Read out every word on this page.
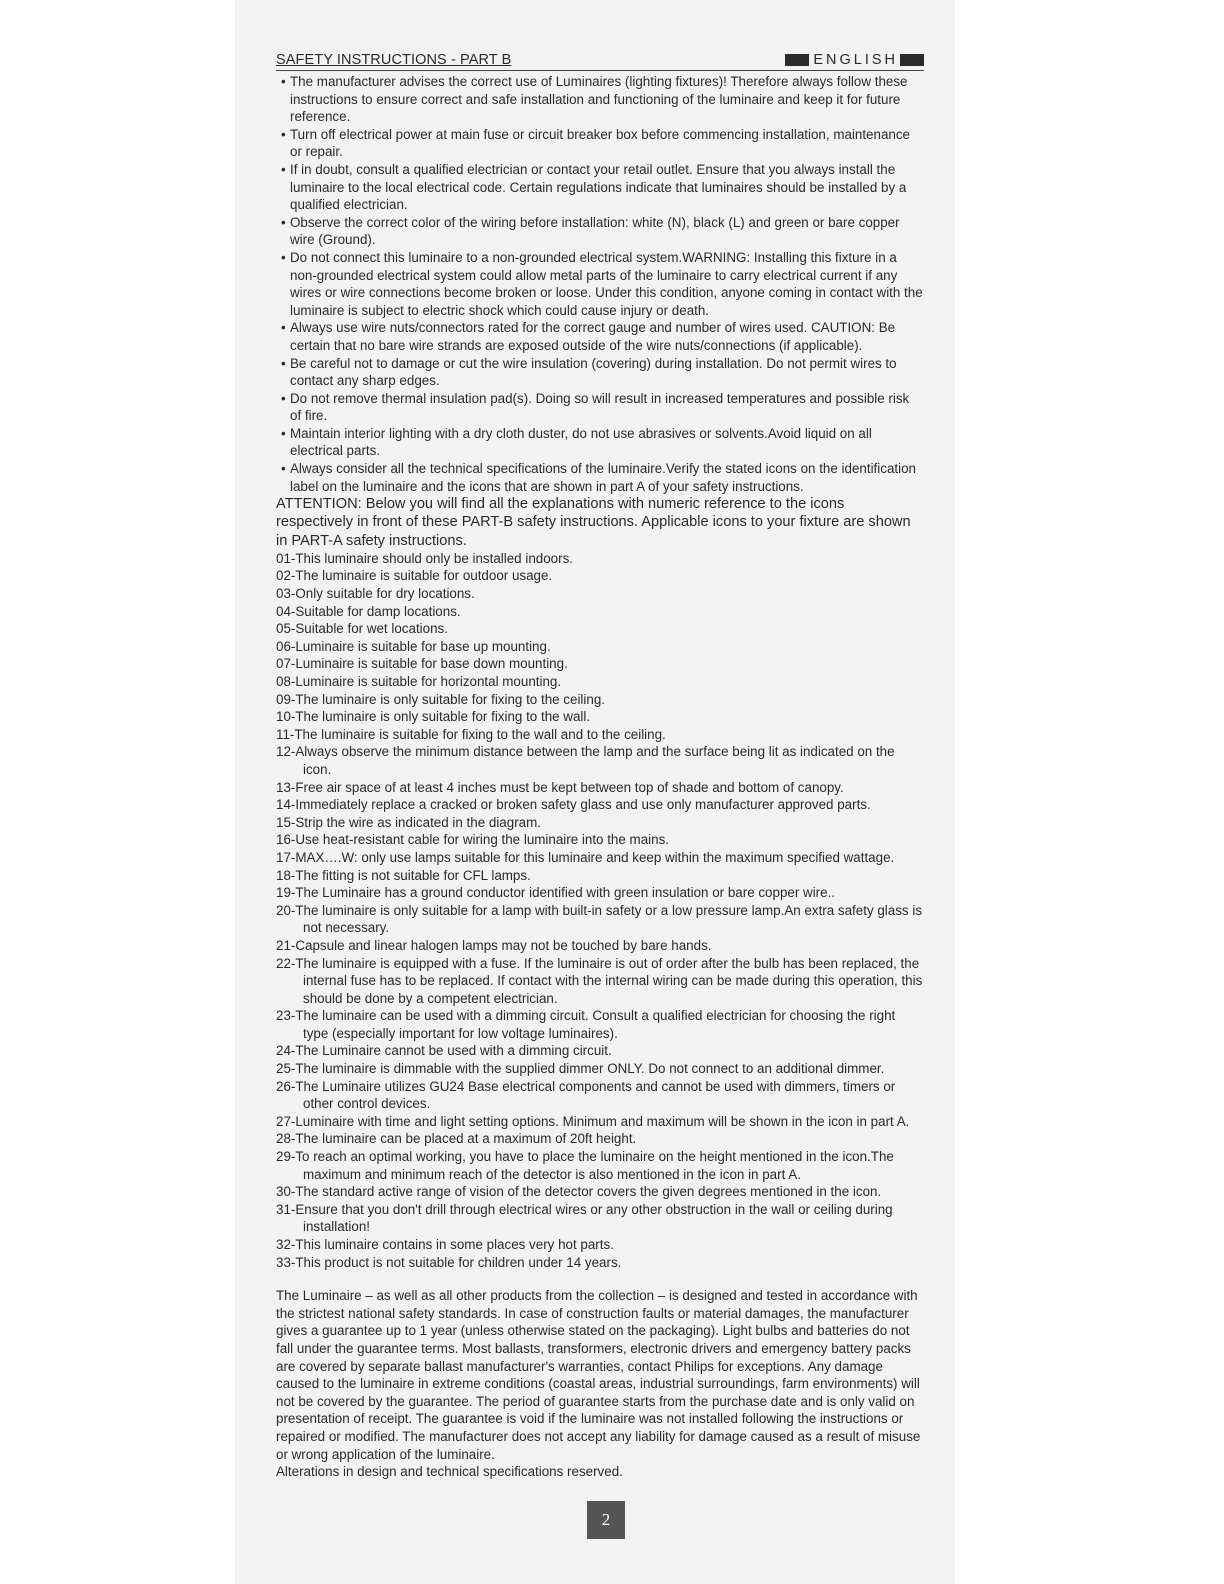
SAFETY INSTRUCTIONS - PART B	ENGLISH
• The manufacturer advises the correct use of Luminaires (lighting fixtures)! Therefore always follow these instructions to ensure correct and safe installation and functioning of the luminaire and keep it for future reference.
• Turn off electrical power at main fuse or circuit breaker box before commencing installation, maintenance or repair.
• If in doubt, consult a qualified electrician or contact your retail outlet. Ensure that you always install the luminaire to the local electrical code. Certain regulations indicate that luminaires should be installed by a qualified electrician.
• Observe the correct color of the wiring before installation: white (N), black (L) and green or bare copper wire (Ground).
• Do not connect this luminaire to a non-grounded electrical system.WARNING: Installing this fixture in a non-grounded electrical system could allow metal parts of the luminaire to carry electrical current if any wires or wire connections become broken or loose. Under this condition, anyone coming in contact with the luminaire is subject to electric shock which could cause injury or death.
• Always use wire nuts/connectors rated for the correct gauge and number of wires used. CAUTION: Be certain that no bare wire strands are exposed outside of the wire nuts/connections (if applicable).
• Be careful not to damage or cut the wire insulation (covering) during installation. Do not permit wires to contact any sharp edges.
• Do not remove thermal insulation pad(s). Doing so will result in increased temperatures and possible risk of fire.
• Maintain interior lighting with a dry cloth duster, do not use abrasives or solvents.Avoid liquid on all electrical parts.
• Always consider all the technical specifications of the luminaire.Verify the stated icons on the identification label on the luminaire and the icons that are shown in part A of your safety instructions.

ATTENTION: Below you will find all the explanations with numeric reference to the icons respectively in front of these PART-B safety instructions. Applicable icons to your fixture are shown in PART-A safety instructions.

01-This luminaire should only be installed indoors.
02-The luminaire is suitable for outdoor usage.
03-Only suitable for dry locations.
04-Suitable for damp locations.
05-Suitable for wet locations.
06-Luminaire is suitable for base up mounting.
07-Luminaire is suitable for base down mounting.
08-Luminaire is suitable for horizontal mounting.
09-The luminaire is only suitable for fixing to the ceiling.
10-The luminaire is only suitable for fixing to the wall.
11-The luminaire is suitable for fixing to the wall and to the ceiling.
12-Always observe the minimum distance between the lamp and the surface being lit as indicated on the icon.
13-Free air space of at least 4 inches must be kept between top of shade and bottom of canopy.
14-Immediately replace a cracked or broken safety glass and use only manufacturer approved parts.
15-Strip the wire as indicated in the diagram.
16-Use heat-resistant cable for wiring the luminaire into the mains.
17-MAX….W: only use lamps suitable for this luminaire and keep within the maximum specified wattage.
18-The fitting is not suitable for CFL lamps.
19-The Luminaire has a ground conductor identified with green insulation or bare copper wire..
20-The luminaire is only suitable for a lamp with built-in safety or a low pressure lamp.An extra safety glass is not necessary.
21-Capsule and linear halogen lamps may not be touched by bare hands.
22-The luminaire is equipped with a fuse. If the luminaire is out of order after the bulb has been replaced, the internal fuse has to be replaced. If contact with the internal wiring can be made during this operation, this should be done by a competent electrician.
23-The luminaire can be used with a dimming circuit. Consult a qualified electrician for choosing the right type (especially important for low voltage luminaires).
24-The Luminaire cannot be used with a dimming circuit.
25-The luminaire is dimmable with the supplied dimmer ONLY. Do not connect to an additional dimmer.
26-The Luminaire utilizes GU24 Base electrical components and cannot be used with dimmers, timers or other control devices.
27-Luminaire with time and light setting options. Minimum and maximum will be shown in the icon in part A.
28-The luminaire can be placed at a maximum of 20ft height.
29-To reach an optimal working, you have to place the luminaire on the height mentioned in the icon.The maximum and minimum reach of the detector is also mentioned in the icon in part A.
30-The standard active range of vision of the detector covers the given degrees mentioned in the icon.
31-Ensure that you don't drill through electrical wires or any other obstruction in the wall or ceiling during installation!
32-This luminaire contains in some places very hot parts.
33-This product is not suitable for children under 14 years.

The Luminaire – as well as all other products from the collection – is designed and tested in accordance with the strictest national safety standards. In case of construction faults or material damages, the manufacturer gives a guarantee up to 1 year (unless otherwise stated on the packaging). Light bulbs and batteries do not fall under the guarantee terms. Most ballasts, transformers, electronic drivers and emergency battery packs are covered by separate ballast manufacturer's warranties, contact Philips for exceptions. Any damage caused to the luminaire in extreme conditions (coastal areas, industrial surroundings, farm environments) will not be covered by the guarantee. The period of guarantee starts from the purchase date and is only valid on presentation of receipt. The guarantee is void if the luminaire was not installed following the instructions or repaired or modified. The manufacturer does not accept any liability for damage caused as a result of misuse or wrong application of the luminaire.

Alterations in design and technical specifications reserved.

2
